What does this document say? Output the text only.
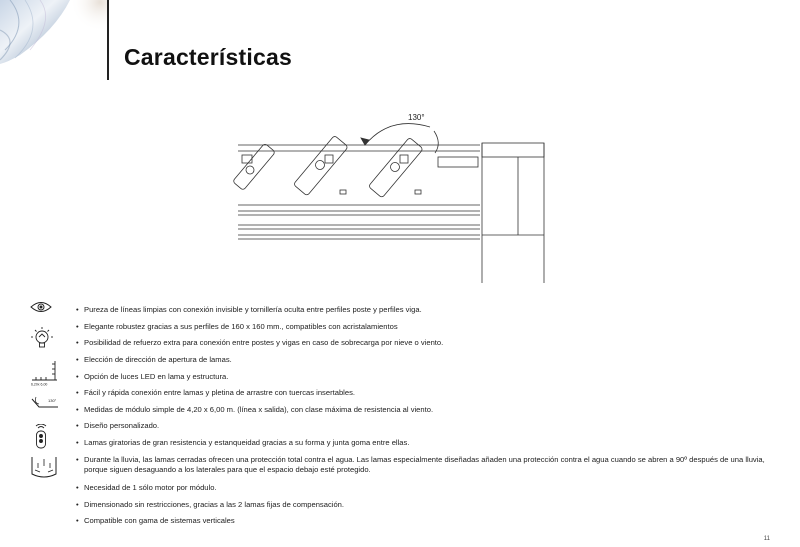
Características
130°
6,20x 6,00
130°
• Pureza de líneas limpias con conexión invisible y tornillería oculta entre perfiles poste y perfiles viga.
• Elegante robustez gracias a sus perfiles de 160 x 160 mm., compatibles con acristalamientos
• Posibilidad de refuerzo extra para conexión entre postes y vigas en caso de sobrecarga por nieve o viento.
• Elección de dirección de apertura de lamas.
• Opción de luces LED en lama y estructura.
• Fácil y rápida conexión entre lamas y pletina de arrastre con tuercas insertables.
• Medidas de módulo simple de 4,20 x 6,00 m. (línea x salida), con clase máxima de resistencia al viento.
• Diseño personalizado.
• Lamas giratorias de gran resistencia y estanqueidad gracias a su forma y junta goma entre ellas.
• Durante la lluvia, las lamas cerradas ofrecen una protección total contra el agua. Las lamas especialmente diseñadas añaden una protección contra el agua cuando se abren a 90º después de una lluvia, porque siguen desaguando a los laterales para que el espacio debajo esté protegido.
• Necesidad de 1 sólo motor por módulo.
• Dimensionado sin restricciones, gracias a las 2 lamas fijas de compensación.
• Compatible con gama de sistemas verticales
11
